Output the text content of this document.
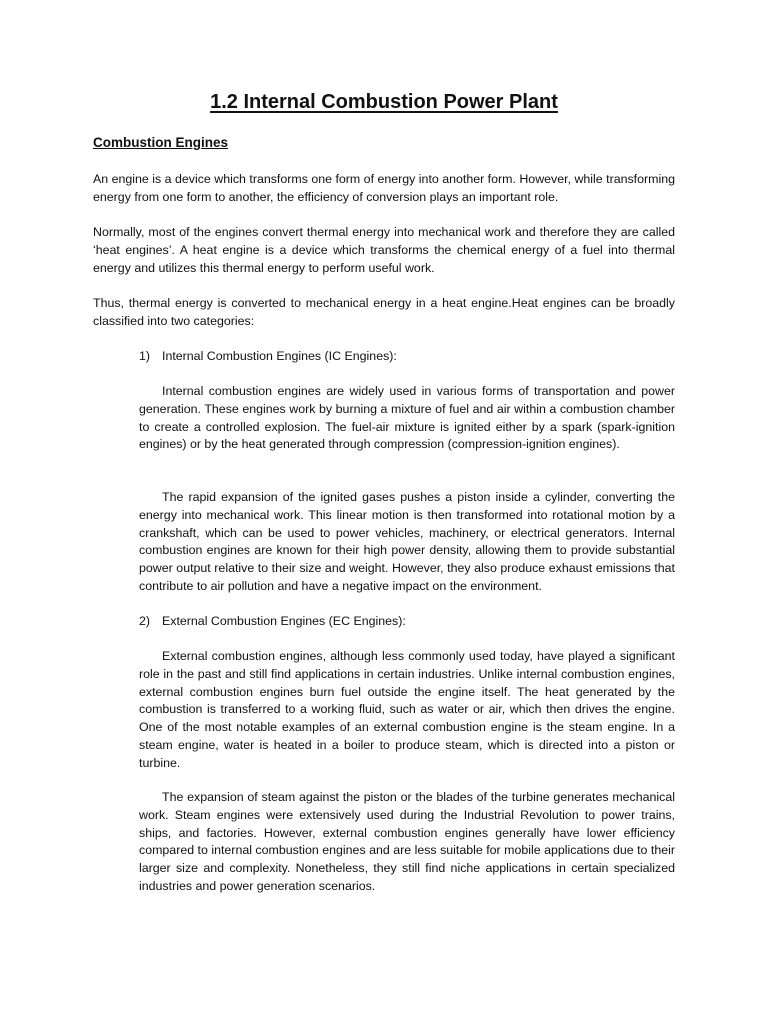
1.2 Internal Combustion Power Plant
Combustion Engines

An engine is a device which transforms one form of energy into another form. However, while transforming energy from one form to another, the efficiency of conversion plays an important role.

Normally, most of the engines convert thermal energy into mechanical work and therefore they are called ‘heat engines’. A heat engine is a device which transforms the chemical energy of a fuel into thermal energy and utilizes this thermal energy to perform useful work.

Thus, thermal energy is converted to mechanical energy in a heat engine.Heat engines can be broadly classified into two categories:

1) Internal Combustion Engines (IC Engines):

Internal combustion engines are widely used in various forms of transportation and power generation. These engines work by burning a mixture of fuel and air within a combustion chamber to create a controlled explosion. The fuel-air mixture is ignited either by a spark (spark-ignition engines) or by the heat generated through compression (compression-ignition engines).

The rapid expansion of the ignited gases pushes a piston inside a cylinder, converting the energy into mechanical work. This linear motion is then transformed into rotational motion by a crankshaft, which can be used to power vehicles, machinery, or electrical generators. Internal combustion engines are known for their high power density, allowing them to provide substantial power output relative to their size and weight. However, they also produce exhaust emissions that contribute to air pollution and have a negative impact on the environment.

2) External Combustion Engines (EC Engines):

External combustion engines, although less commonly used today, have played a significant role in the past and still find applications in certain industries. Unlike internal combustion engines, external combustion engines burn fuel outside the engine itself. The heat generated by the combustion is transferred to a working fluid, such as water or air, which then drives the engine. One of the most notable examples of an external combustion engine is the steam engine. In a steam engine, water is heated in a boiler to produce steam, which is directed into a piston or turbine.

The expansion of steam against the piston or the blades of the turbine generates mechanical work. Steam engines were extensively used during the Industrial Revolution to power trains, ships, and factories. However, external combustion engines generally have lower efficiency compared to internal combustion engines and are less suitable for mobile applications due to their larger size and complexity. Nonetheless, they still find niche applications in certain specialized industries and power generation scenarios.
